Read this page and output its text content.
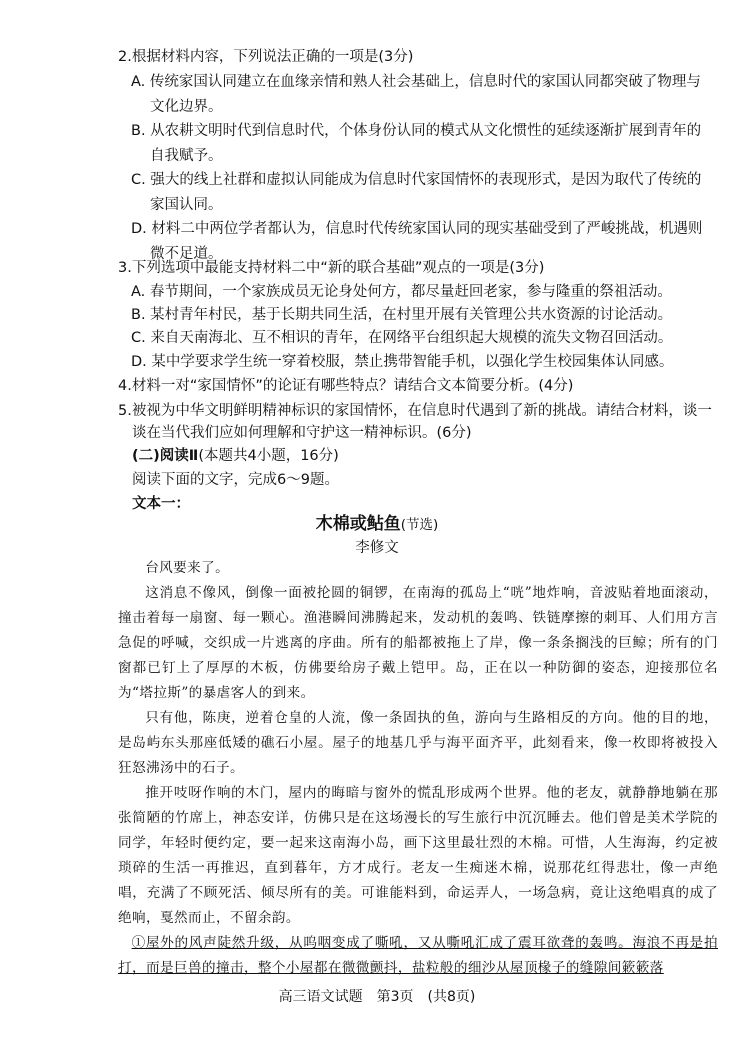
2.根据材料内容，下列说法正确的一项是(3分)
A. 传统家国认同建立在血缘亲情和熟人社会基础上，信息时代的家国认同都突破了物理与
文化边界。
B. 从农耕文明时代到信息时代，个体身份认同的模式从文化惯性的延续逐渐扩展到青年的
自我赋予。
C. 强大的线上社群和虚拟认同能成为信息时代家国情怀的表现形式，是因为取代了传统的
家国认同。
D. 材料二中两位学者都认为，信息时代传统家国认同的现实基础受到了严峻挑战，机遇则
微不足道。
3.下列选项中最能支持材料二中“新的联合基础”观点的一项是(3分)
A. 春节期间，一个家族成员无论身处何方，都尽量赶回老家，参与隆重的祭祖活动。
B. 某村青年村民，基于长期共同生活，在村里开展有关管理公共水资源的讨论活动。
C. 来自天南海北、互不相识的青年，在网络平台组织起大规模的流失文物召回活动。
D. 某中学要求学生统一穿着校服，禁止携带智能手机，以强化学生校园集体认同感。
4.材料一对“家国情怀”的论证有哪些特点？请结合文本简要分析。(4分)
5.被视为中华文明鲜明精神标识的家国情怀，在信息时代遇到了新的挑战。请结合材料，谈一
谈在当代我们应如何理解和守护这一精神标识。(6分)
(二)阅读Ⅱ(本题共4小题，16分)
阅读下面的文字，完成6～9题。
文本一：
木棉或鲇鱼(节选)
李修文

台风要来了。

这消息不像风，倒像一面被抡圆的铜锣，在南海的孤岛上“咣”地炸响，音波贴着地面滚动，撞击着每一扇窗、每一颗心。渔港瞬间沸腾起来，发动机的轰鸣、铁链摩擦的刺耳、人们用方言急促的呼喊，交织成一片逃离的序曲。所有的船都被拖上了岸，像一条条搁浅的巨鲸；所有的门窗都已钉上了厚厚的木板，仿佛要给房子戴上铠甲。岛，正在以一种防御的姿态，迎接那位名为“塔拉斯”的暴虐客人的到来。

只有他，陈庚，逆着仓皇的人流，像一条固执的鱼，游向与生路相反的方向。他的目的地，是岛屿东头那座低矮的礁石小屋。屋子的地基几乎与海平面齐平，此刻看来，像一枚即将被投入狂怒沸汤中的石子。

推开吱呀作响的木门，屋内的晦暗与窗外的慌乱形成两个世界。他的老友，就静静地躺在那张简陋的竹席上，神态安详，仿佛只是在这场漫长的写生旅行中沉沉睡去。他们曾是美术学院的同学，年轻时便约定，要一起来这南海小岛，画下这里最壮烈的木棉。可惜，人生海海，约定被琐碎的生活一再推迟，直到暮年，方才成行。老友一生痴迷木棉，说那花红得悲壮，像一声绝唱，充满了不顾死活、倾尽所有的美。可谁能料到，命运弄人，一场急病，竟让这绝唱真的成了绝响，戛然而止，不留余韵。

①屋外的风声陡然升级，从呜咽变成了嘶吼，又从嘶吼汇成了震耳欲聋的轰鸣。海浪不再是拍打，而是巨兽的撞击，整个小屋都在微微颤抖，盐粒般的细沙从屋顶椽子的缝隙间簌簌落

高三语文试题　第3页　(共8页)
